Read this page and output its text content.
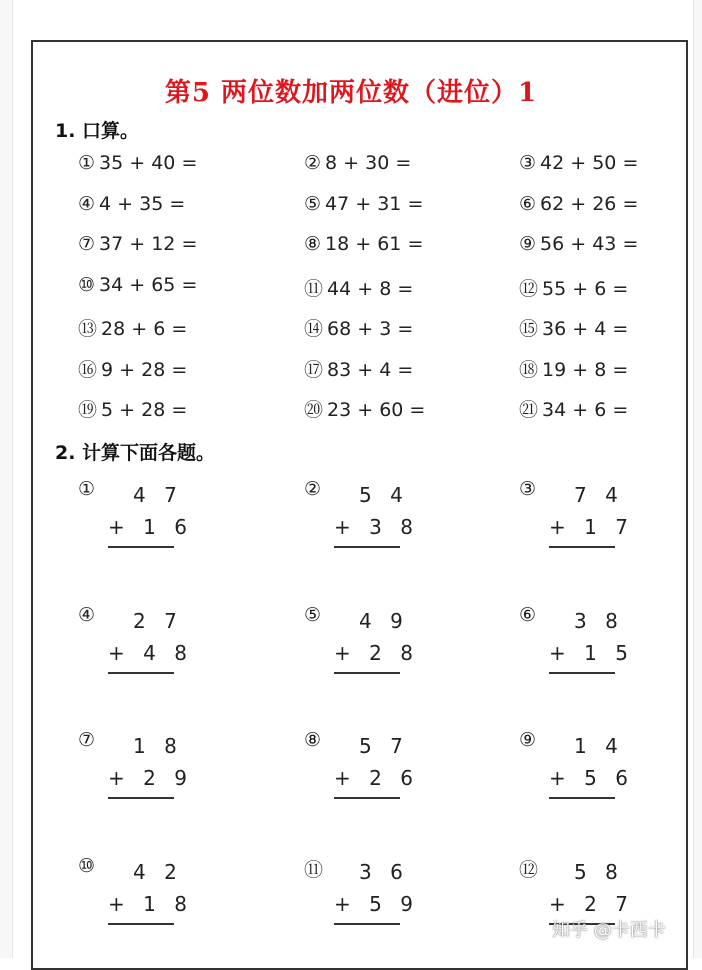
第5 两位数加两位数（进位）1
1. 口算。
① 35 + 40 =	② 8 + 30 =	③ 42 + 50 =
④ 4 + 35 =	⑤ 47 + 31 =	⑥ 62 + 26 =
⑦ 37 + 12 =	⑧ 18 + 61 =	⑨ 56 + 43 =
⑩ 34 + 65 =	⑪ 44 + 8 =	⑫ 55 + 6 =
⑬ 28 + 6 =	⑭ 68 + 3 =	⑮ 36 + 4 =
⑯ 9 + 28 =	⑰ 83 + 4 =	⑱ 19 + 8 =
⑲ 5 + 28 =	⑳ 23 + 60 =	㉑ 34 + 6 =
2. 计算下面各题。
① 4 7
+ 1 6
② 5 4
+ 3 8
③ 7 4
+ 1 7
④ 2 7
+ 4 8
⑤ 4 9
+ 2 8
⑥ 3 8
+ 1 5
⑦ 1 8
+ 2 9
⑧ 5 7
+ 2 6
⑨ 1 4
+ 5 6
⑩ 4 2
+ 1 8
⑪ 3 6
+ 5 9
⑫ 5 8
+ 2 7
知乎 @卡西卡
